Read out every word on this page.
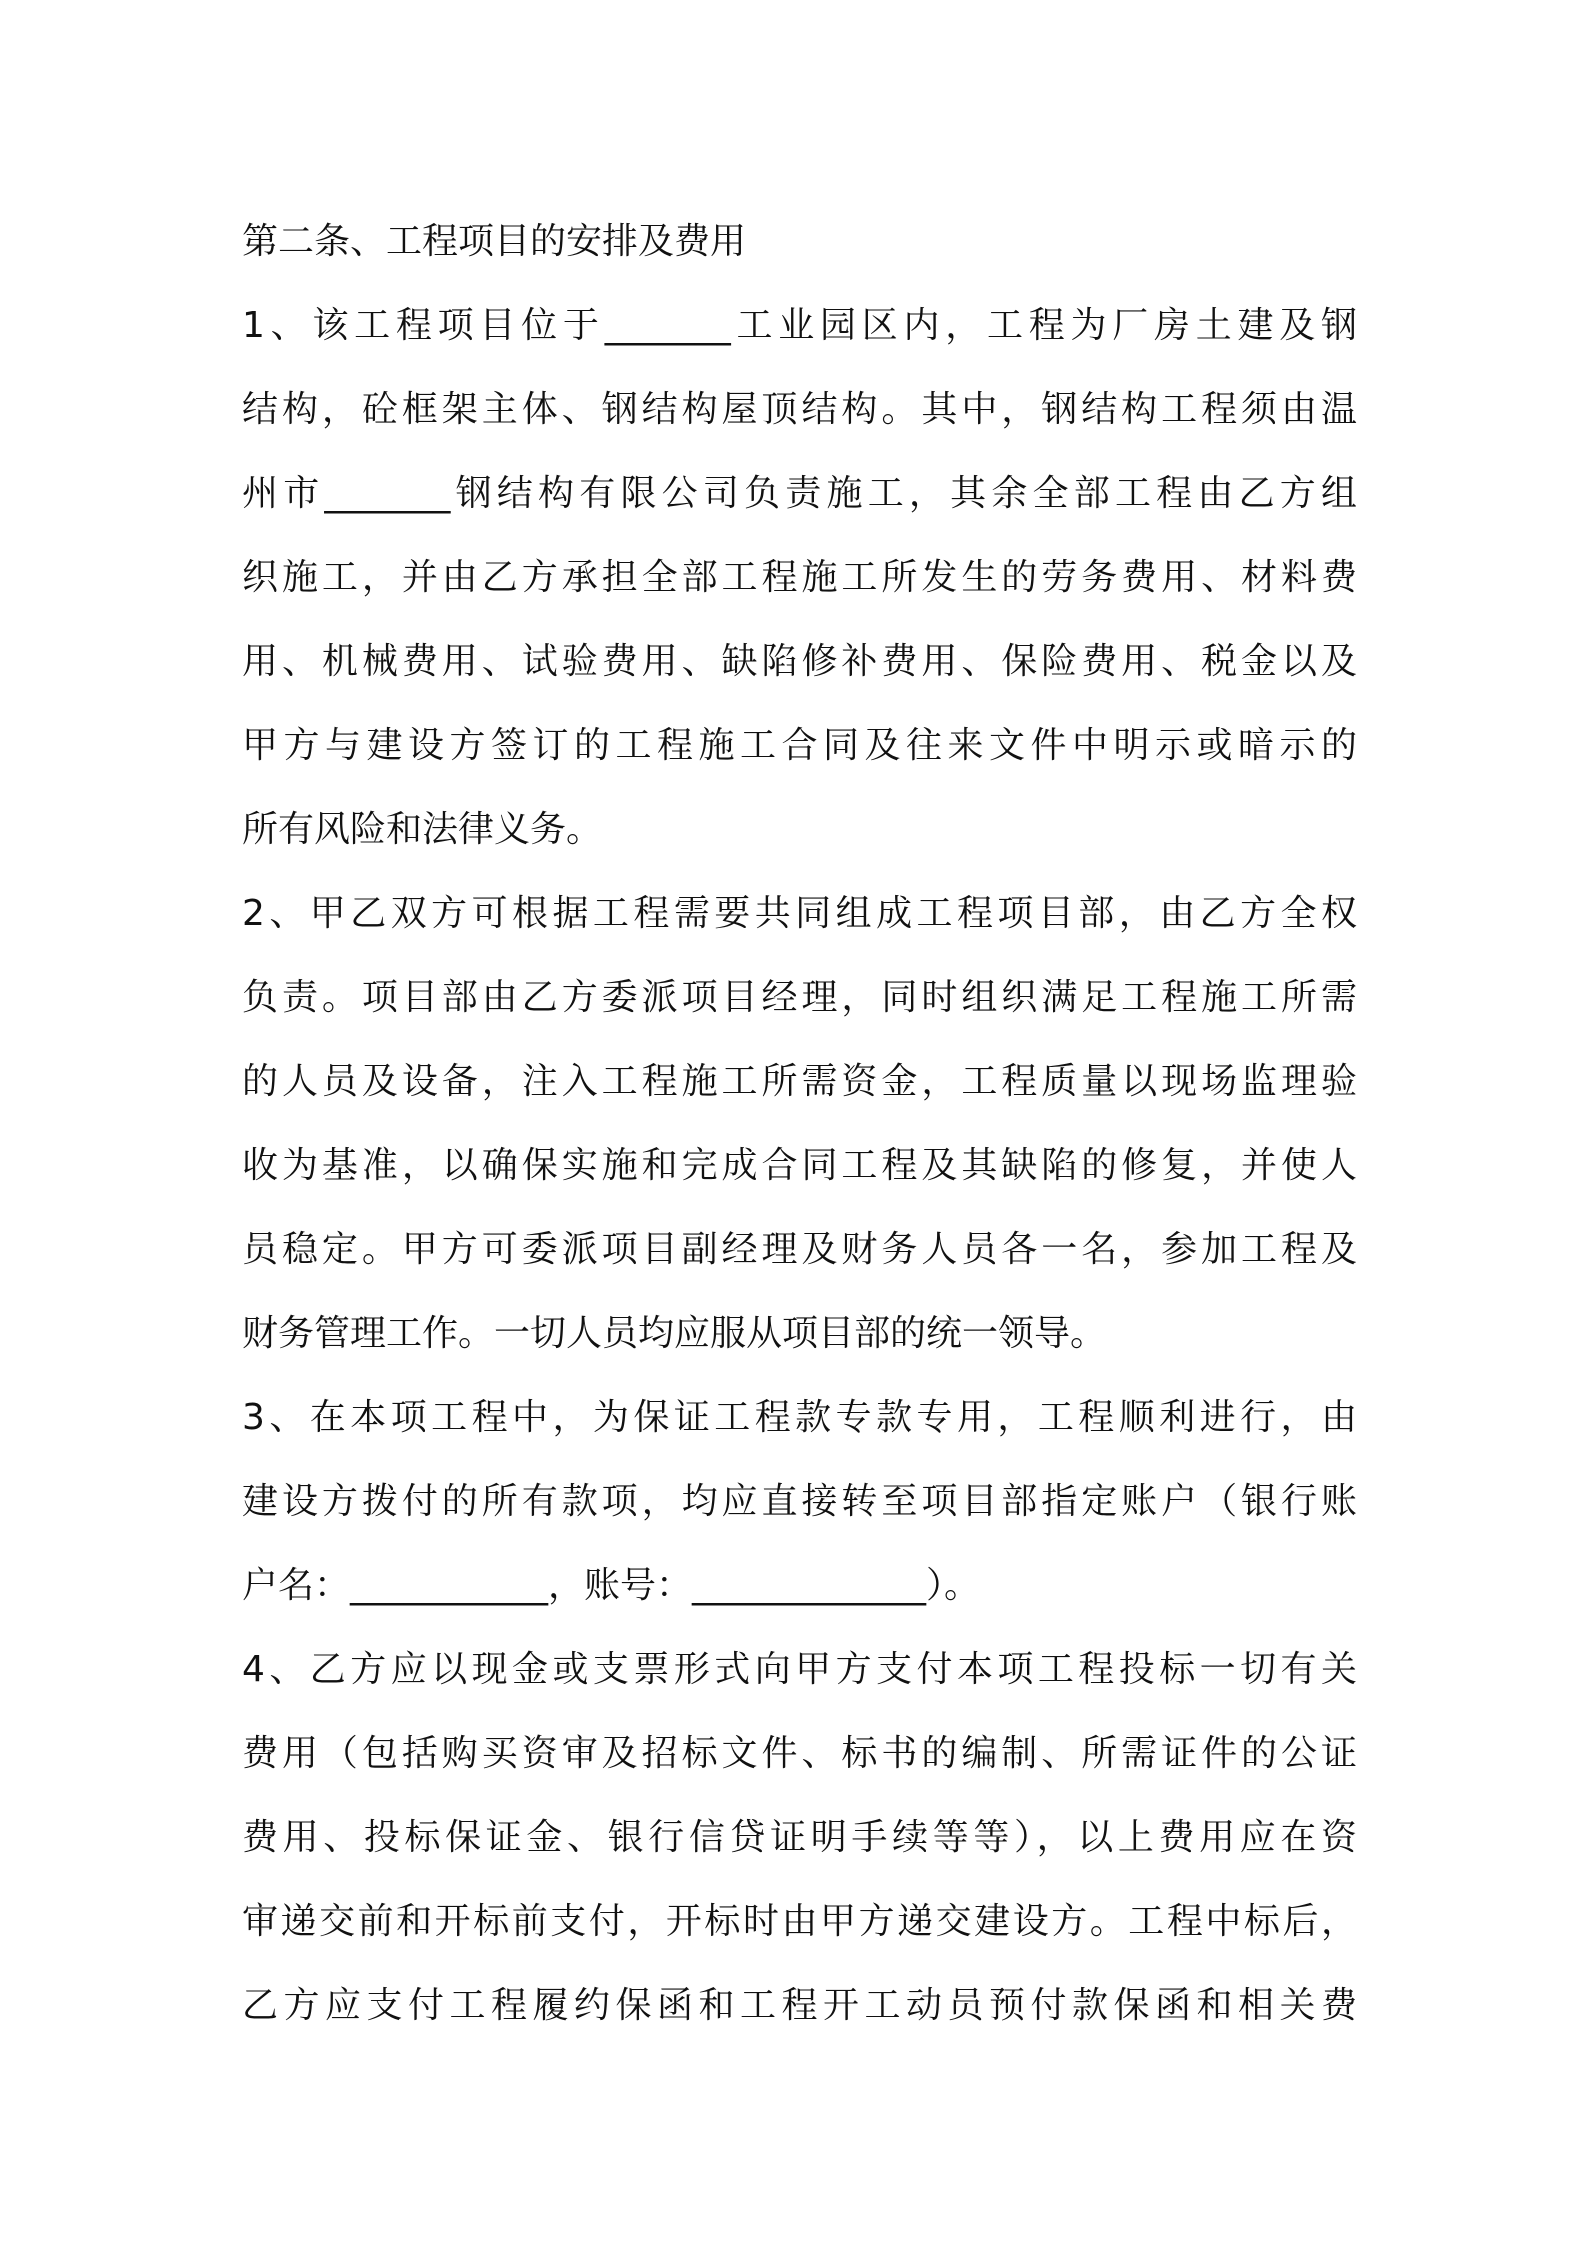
第二条、工程项目的安排及费用
1、该工程项目位于_______工业园区内，工程为厂房土建及钢
结构，砼框架主体、钢结构屋顶结构。其中，钢结构工程须由温
州市_______钢结构有限公司负责施工，其余全部工程由乙方组
织施工，并由乙方承担全部工程施工所发生的劳务费用、材料费
用、机械费用、试验费用、缺陷修补费用、保险费用、税金以及
甲方与建设方签订的工程施工合同及往来文件中明示或暗示的
所有风险和法律义务。
2、甲乙双方可根据工程需要共同组成工程项目部，由乙方全权
负责。项目部由乙方委派项目经理，同时组织满足工程施工所需
的人员及设备，注入工程施工所需资金，工程质量以现场监理验
收为基准，以确保实施和完成合同工程及其缺陷的修复，并使人
员稳定。甲方可委派项目副经理及财务人员各一名，参加工程及
财务管理工作。一切人员均应服从项目部的统一领导。
3、在本项工程中，为保证工程款专款专用，工程顺利进行，由
建设方拨付的所有款项，均应直接转至项目部指定账户（银行账
户名：___________，账号：_____________）。
4、乙方应以现金或支票形式向甲方支付本项工程投标一切有关
费用（包括购买资审及招标文件、标书的编制、所需证件的公证
费用、投标保证金、银行信贷证明手续等等），以上费用应在资
审递交前和开标前支付，开标时由甲方递交建设方。工程中标后，
乙方应支付工程履约保函和工程开工动员预付款保函和相关费
